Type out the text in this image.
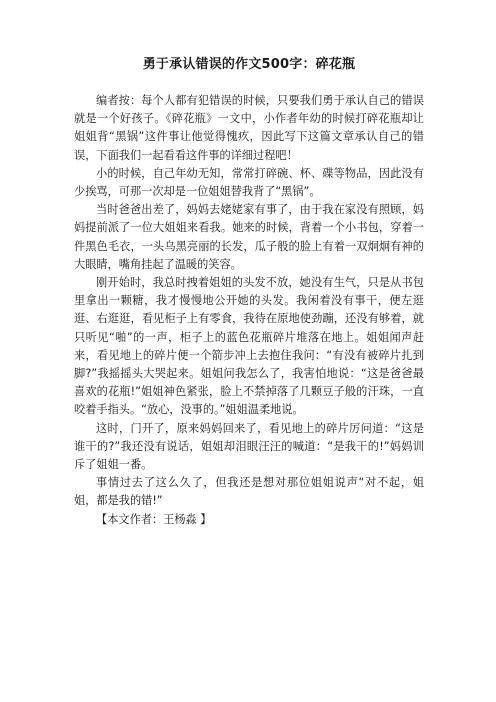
勇于承认错误的作文500字：碎花瓶

编者按：每个人都有犯错误的时候，只要我们勇于承认自己的错误就是一个好孩子。《碎花瓶》一文中，小作者年幼的时候打碎花瓶却让姐姐背“黑锅”这件事让他觉得愧疚，因此写下这篇文章承认自己的错误，下面我们一起看看这件事的详细过程吧！

小的时候，自己年幼无知，常常打碎碗、杯、碟等物品，因此没有少挨骂，可那一次却是一位姐姐替我背了“黑锅”。

当时爸爸出差了，妈妈去姥姥家有事了，由于我在家没有照顾，妈妈提前派了一位大姐姐来看我。她来的时候，背着一个小书包，穿着一件黑色毛衣，一头乌黑亮丽的长发，瓜子般的脸上有着一双炯炯有神的大眼睛，嘴角挂起了温暖的笑容。

刚开始时，我总时拽着姐姐的头发不放，她没有生气，只是从书包里拿出一颗糖，我才慢慢地公开她的头发。我闲着没有事干，便左逛逛、右逛逛，看见柜子上有零食，我待在原地使劲蹦，还没有够着，就只听见“啪”的一声，柜子上的蓝色花瓶碎片堆落在地上。姐姐闻声赶来，看见地上的碎片便一个箭步冲上去抱住我问：“有没有被碎片扎到脚?”我摇摇头大哭起来。姐姐问我怎么了，我害怕地说：“这是爸爸最喜欢的花瓶!”姐姐神色紧张，脸上不禁掉落了几颗豆子般的汗珠，一直咬着手指头。“放心，没事的。”姐姐温柔地说。

这时，门开了，原来妈妈回来了，看见地上的碎片厉问道：“这是谁干的?”我还没有说话，姐姐却泪眼汪汪的喊道：“是我干的!”妈妈训斥了姐姐一番。

事情过去了这么久了，但我还是想对那位姐姐说声“对不起，姐姐，都是我的错!”

【本文作者：王杨淼 】
